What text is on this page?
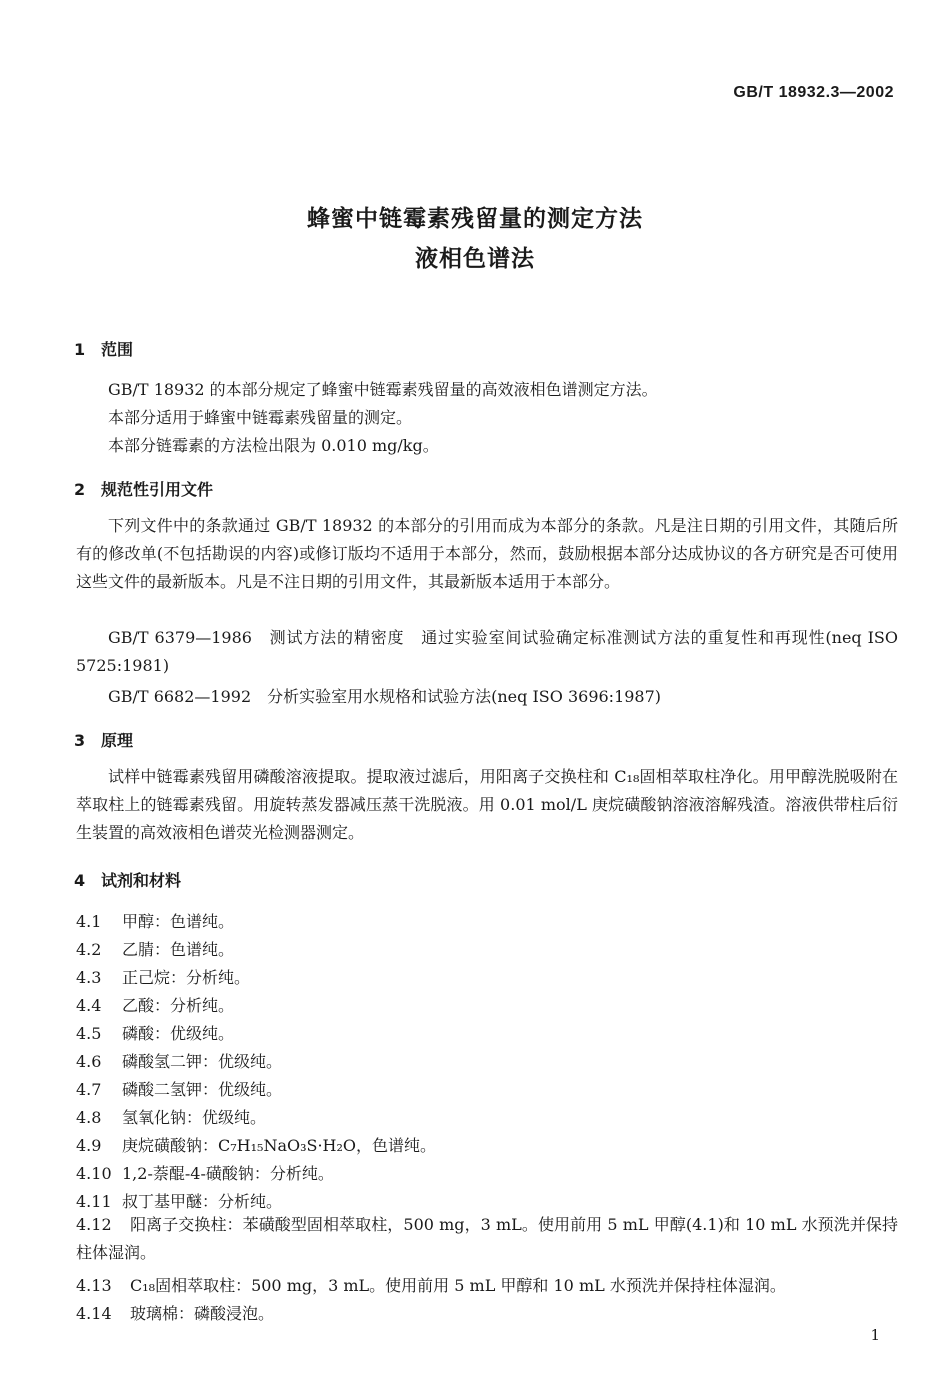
GB/T 18932.3—2002
蜂蜜中链霉素残留量的测定方法
液相色谱法
1 范围
GB/T 18932 的本部分规定了蜂蜜中链霉素残留量的高效液相色谱测定方法。
本部分适用于蜂蜜中链霉素残留量的测定。
本部分链霉素的方法检出限为 0.010 mg/kg。
2 规范性引用文件
下列文件中的条款通过 GB/T 18932 的本部分的引用而成为本部分的条款。凡是注日期的引用文件，其随后所有的修改单(不包括勘误的内容)或修订版均不适用于本部分，然而，鼓励根据本部分达成协议的各方研究是否可使用这些文件的最新版本。凡是不注日期的引用文件，其最新版本适用于本部分。
GB/T 6379—1986　测试方法的精密度　通过实验室间试验确定标准测试方法的重复性和再现性(neq ISO 5725:1981)
GB/T 6682—1992　分析实验室用水规格和试验方法(neq ISO 3696:1987)
3 原理
试样中链霉素残留用磷酸溶液提取。提取液过滤后，用阳离子交换柱和 C₁₈固相萃取柱净化。用甲醇洗脱吸附在萃取柱上的链霉素残留。用旋转蒸发器减压蒸干洗脱液。用 0.01 mol/L 庚烷磺酸钠溶液溶解残渣。溶液供带柱后衍生装置的高效液相色谱荧光检测器测定。
4 试剂和材料
4.1 甲醇：色谱纯。
4.2 乙腈：色谱纯。
4.3 正己烷：分析纯。
4.4 乙酸：分析纯。
4.5 磷酸：优级纯。
4.6 磷酸氢二钾：优级纯。
4.7 磷酸二氢钾：优级纯。
4.8 氢氧化钠：优级纯。
4.9 庚烷磺酸钠：C₇H₁₅NaO₃S·H₂O，色谱纯。
4.10 1,2-萘醌-4-磺酸钠：分析纯。
4.11 叔丁基甲醚：分析纯。
4.12 阳离子交换柱：苯磺酸型固相萃取柱，500 mg，3 mL。使用前用 5 mL 甲醇(4.1)和 10 mL 水预洗并保持柱体湿润。
4.13 C₁₈固相萃取柱：500 mg，3 mL。使用前用 5 mL 甲醇和 10 mL 水预洗并保持柱体湿润。
4.14 玻璃棉：磷酸浸泡。
1
